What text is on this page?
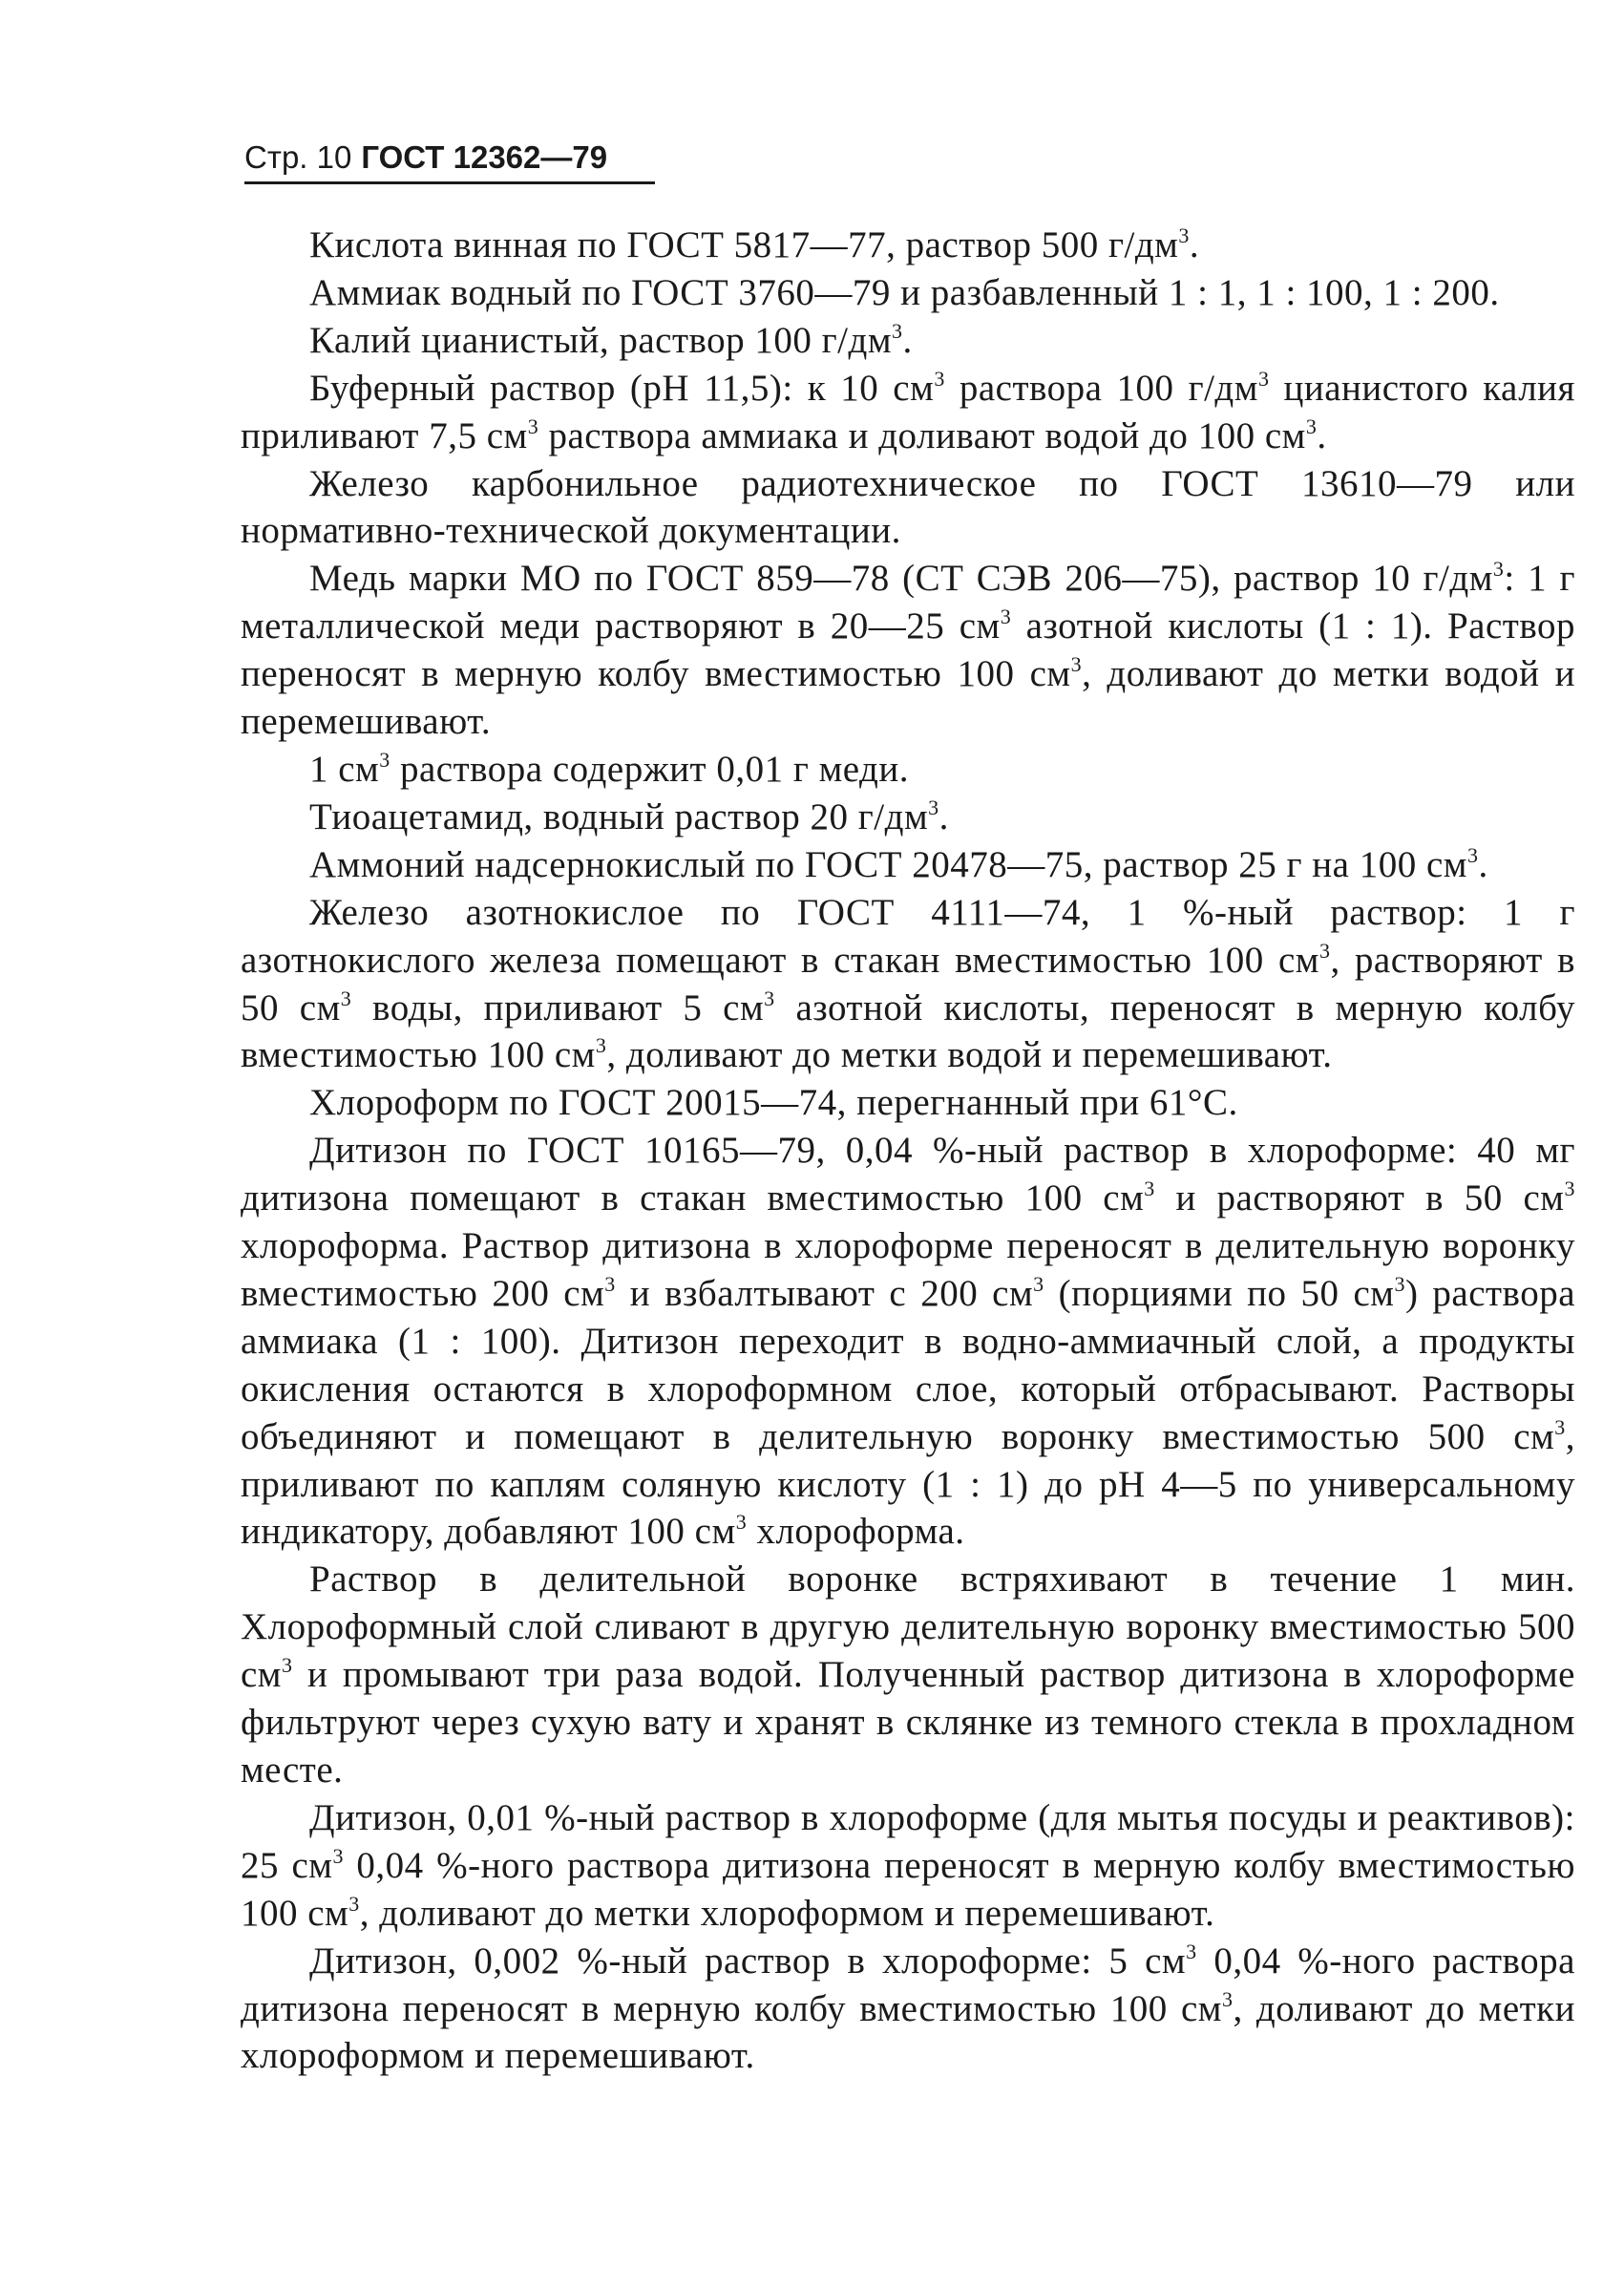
Стр. 10 ГОСТ 12362—79

Кислота винная по ГОСТ 5817—77, раствор 500 $г/дм^3$.

Аммиак водный по ГОСТ 3760—79 и разбавленный 1 : 1, 1 : 100, 1 : 200.

Калий цианистый, раствор 100 $г/дм^3$.

Буферный раствор (pH 11,5): к 10 $см^3$ раствора 100 $г/дм^3$ цианистого калия приливают 7,5 $см^3$ раствора аммиака и доливают водой до 100 $см^3$.

Железо карбонильное радиотехническое по ГОСТ 13610—79 или нормативно-технической документации.

Медь марки МО по ГОСТ 859—78 (СТ СЭВ 206—75), раствор 10 $г/дм^3$: 1 г металлической меди растворяют в 20—25 $см^3$ азотной кислоты (1 : 1). Раствор переносят в мерную колбу вместимостью 100 $см^3$, доливают до метки водой и перемешивают.

1 $см^3$ раствора содержит 0,01 г меди.

Тиоацетамид, водный раствор 20 $г/дм^3$.

Аммоний надсернокислый по ГОСТ 20478—75, раствор 25 г на 100 $см^3$.

Железо азотнокислое по ГОСТ 4111—74, 1 %-ный раствор: 1 г азотнокислого железа помещают в стакан вместимостью 100 $см^3$, растворяют в 50 $см^3$ воды, приливают 5 $см^3$ азотной кислоты, переносят в мерную колбу вместимостью 100 $см^3$, доливают до метки водой и перемешивают.

Хлороформ по ГОСТ 20015—74, перегнанный при 61°С.

Дитизон по ГОСТ 10165—79, 0,04 %-ный раствор в хлороформе: 40 мг дитизона помещают в стакан вместимостью 100 $см^3$ и растворяют в 50 $см^3$ хлороформа. Раствор дитизона в хлороформе переносят в делительную воронку вместимостью 200 $см^3$ и взбалтывают с 200 $см^3$ (порциями по 50 $см^3$) раствора аммиака (1 : 100). Дитизон переходит в водно-аммиачный слой, а продукты окисления остаются в хлороформном слое, который отбрасывают. Растворы объединяют и помещают в делительную воронку вместимостью 500 $см^3$, приливают по каплям соляную кислоту (1 : 1) до pH 4—5 по универсальному индикатору, добавляют 100 $см^3$ хлороформа.

Раствор в делительной воронке встряхивают в течение 1 мин. Хлороформный слой сливают в другую делительную воронку вместимостью 500 $см^3$ и промывают три раза водой. Полученный раствор дитизона в хлороформе фильтруют через сухую вату и хранят в склянке из темного стекла в прохладном месте.

Дитизон, 0,01 %-ный раствор в хлороформе (для мытья посуды и реактивов): 25 $см^3$ 0,04 %-ного раствора дитизона переносят в мерную колбу вместимостью 100 $см^3$, доливают до метки хлороформом и перемешивают.

Дитизон, 0,002 %-ный раствор в хлороформе: 5 $см^3$ 0,04 %-ного раствора дитизона переносят в мерную колбу вместимостью 100 $см^3$, доливают до метки хлороформом и перемешивают.
